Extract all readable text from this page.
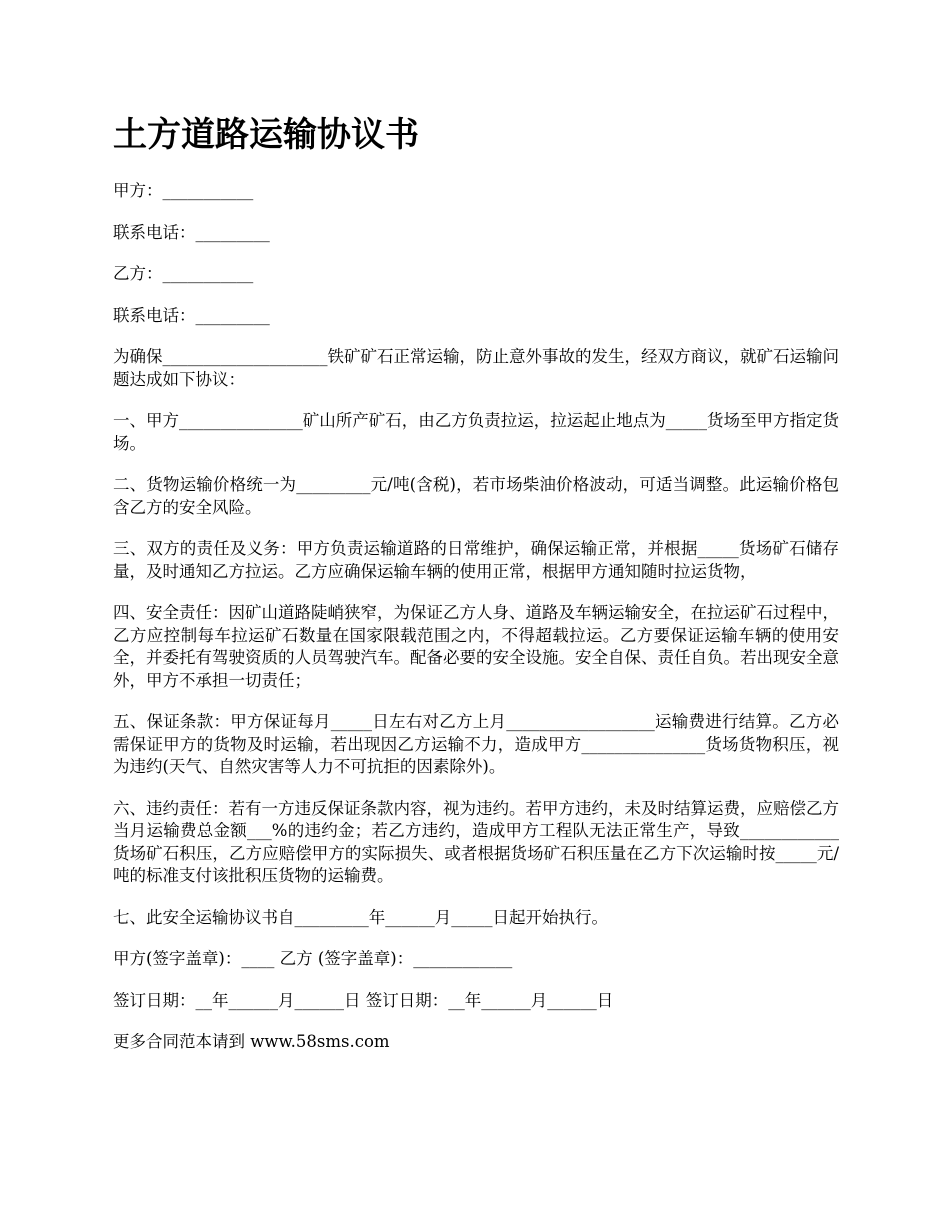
土方道路运输协议书

甲方：___________

联系电话：_________

乙方：___________

联系电话：_________

为确保____________________铁矿矿石正常运输，防止意外事故的发生，经双方商议，就矿石运输问题达成如下协议：

一、甲方_______________矿山所产矿石，由乙方负责拉运，拉运起止地点为_____货场至甲方指定货场。

二、货物运输价格统一为_________元/吨(含税)，若市场柴油价格波动，可适当调整。此运输价格包含乙方的安全风险。

三、双方的责任及义务：甲方负责运输道路的日常维护，确保运输正常，并根据_____货场矿石储存量，及时通知乙方拉运。乙方应确保运输车辆的使用正常，根据甲方通知随时拉运货物，

四、安全责任：因矿山道路陡峭狭窄，为保证乙方人身、道路及车辆运输安全，在拉运矿石过程中，乙方应控制每车拉运矿石数量在国家限载范围之内，不得超载拉运。乙方要保证运输车辆的使用安全，并委托有驾驶资质的人员驾驶汽车。配备必要的安全设施。安全自保、责任自负。若出现安全意外，甲方不承担一切责任；

五、保证条款：甲方保证每月_____日左右对乙方上月__________________运输费进行结算。乙方必需保证甲方的货物及时运输，若出现因乙方运输不力，造成甲方_______________货场货物积压，视为违约(天气、自然灾害等人力不可抗拒的因素除外)。

六、违约责任：若有一方违反保证条款内容，视为违约。若甲方违约，未及时结算运费，应赔偿乙方当月运输费总金额___%的违约金；若乙方违约，造成甲方工程队无法正常生产，导致____________货场矿石积压，乙方应赔偿甲方的实际损失、或者根据货场矿石积压量在乙方下次运输时按_____元/吨的标准支付该批积压货物的运输费。

七、此安全运输协议书自_________年______月_____日起开始执行。

甲方(签字盖章)：____ 乙方 (签字盖章)：____________

签订日期：__年______月______日 签订日期：__年______月______日

更多合同范本请到 www.58sms.com
